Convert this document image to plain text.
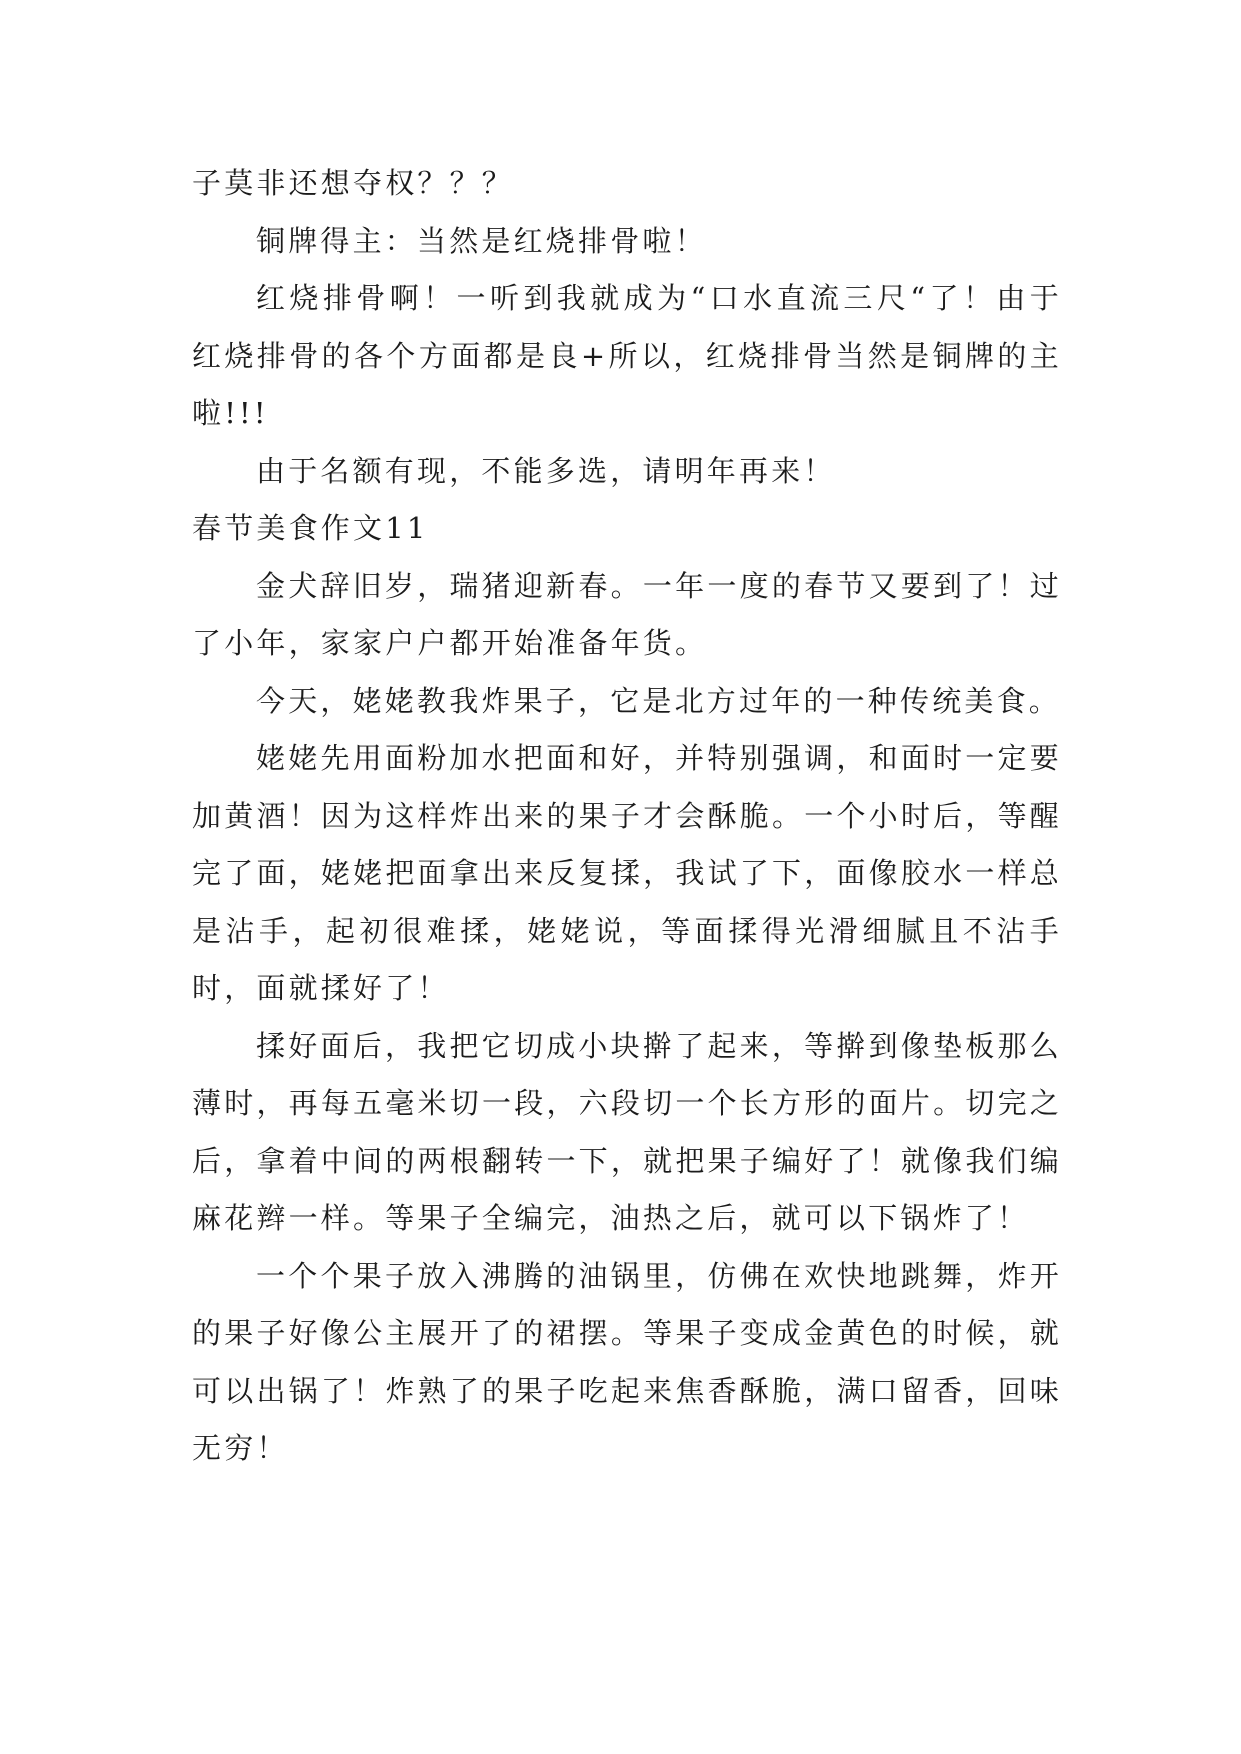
子莫非还想夺权？？？

铜牌得主：当然是红烧排骨啦！

红烧排骨啊！一听到我就成为“口水直流三尺“了！由于红烧排骨的各个方面都是良+所以，红烧排骨当然是铜牌的主啦!!!

由于名额有现，不能多选，请明年再来！

春节美食作文11

金犬辞旧岁，瑞猪迎新春。一年一度的春节又要到了！过了小年，家家户户都开始准备年货。

今天，姥姥教我炸果子，它是北方过年的一种传统美食。

姥姥先用面粉加水把面和好，并特别强调，和面时一定要加黄酒！因为这样炸出来的果子才会酥脆。一个小时后，等醒完了面，姥姥把面拿出来反复揉，我试了下，面像胶水一样总是沾手，起初很难揉，姥姥说，等面揉得光滑细腻且不沾手时，面就揉好了！

揉好面后，我把它切成小块擀了起来，等擀到像垫板那么薄时，再每五毫米切一段，六段切一个长方形的面片。切完之后，拿着中间的两根翻转一下，就把果子编好了！就像我们编麻花辫一样。等果子全编完，油热之后，就可以下锅炸了！

一个个果子放入沸腾的油锅里，仿佛在欢快地跳舞，炸开的果子好像公主展开了的裙摆。等果子变成金黄色的时候，就可以出锅了！炸熟了的果子吃起来焦香酥脆，满口留香，回味无穷！
